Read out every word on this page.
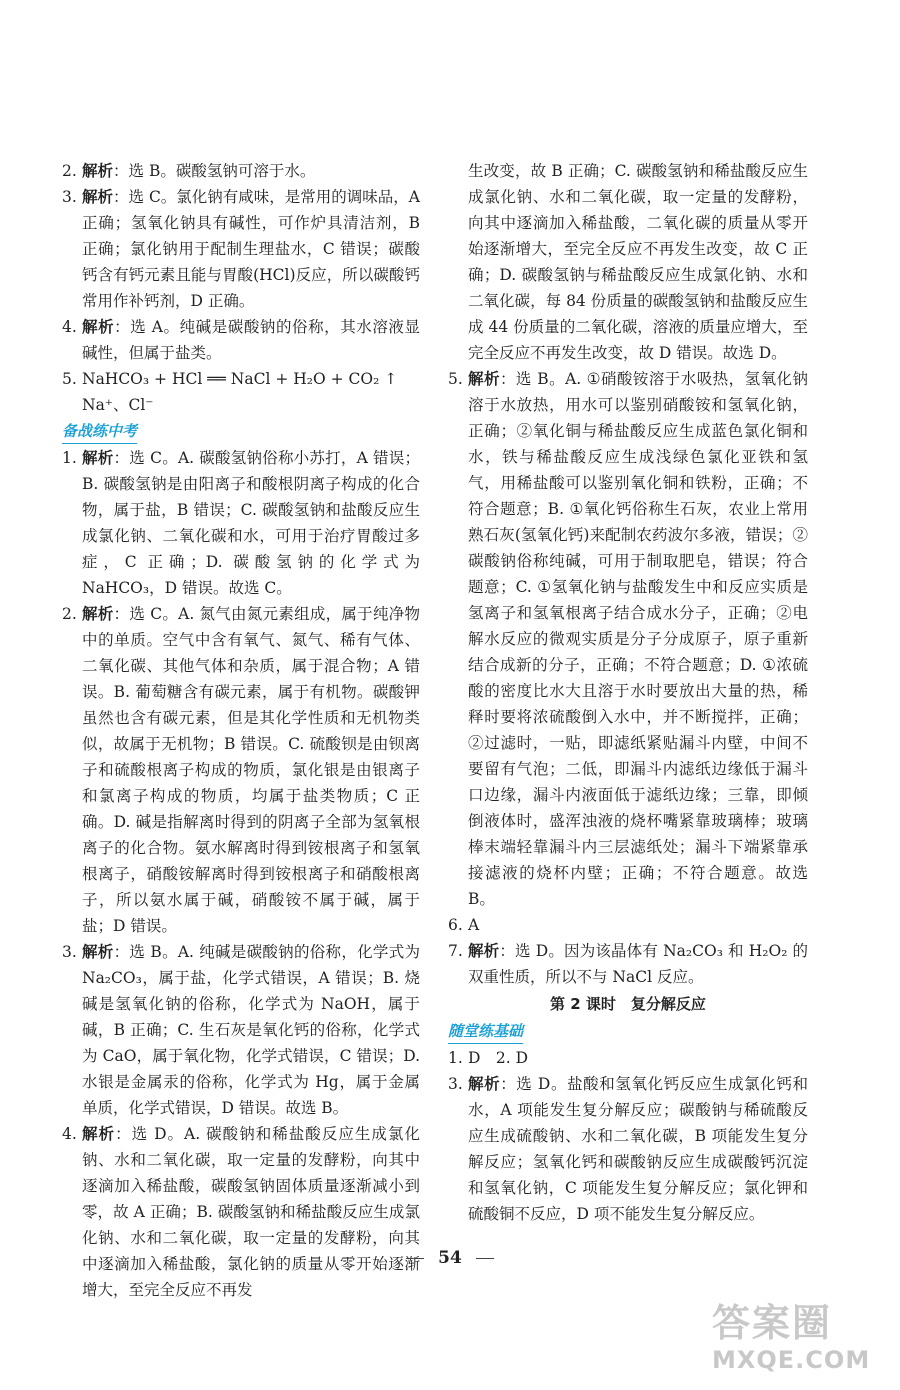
2. 解析：选 B。碳酸氢钠可溶于水。
3. 解析：选 C。氯化钠有咸味，是常用的调味品，A 正确；氢氧化钠具有碱性，可作炉具清洁剂，B 正确；氯化钠用于配制生理盐水，C 错误；碳酸钙含有钙元素且能与胃酸(HCl)反应，所以碳酸钙常用作补钙剂，D 正确。
4. 解析：选 A。纯碱是碳酸钠的俗称，其水溶液显碱性，但属于盐类。
5. NaHCO₃ + HCl ══ NaCl + H₂O + CO₂ ↑
Na⁺、Cl⁻
备战练中考
1. 解析：选 C。A. 碳酸氢钠俗称小苏打，A 错误；B. 碳酸氢钠是由阳离子和酸根阴离子构成的化合物，属于盐，B 错误；C. 碳酸氢钠和盐酸反应生成氯化钠、二氧化碳和水，可用于治疗胃酸过多症，C 正确；D. 碳酸氢钠的化学式为 NaHCO₃，D 错误。故选 C。
2. 解析：选 C。A. 氮气由氮元素组成，属于纯净物中的单质。空气中含有氧气、氮气、稀有气体、二氧化碳、其他气体和杂质，属于混合物；A 错误。B. 葡萄糖含有碳元素，属于有机物。碳酸钾虽然也含有碳元素，但是其化学性质和无机物类似，故属于无机物；B 错误。C. 硫酸钡是由钡离子和硫酸根离子构成的物质，氯化银是由银离子和氯离子构成的物质，均属于盐类物质；C 正确。D. 碱是指解离时得到的阴离子全部为氢氧根离子的化合物。氨水解离时得到铵根离子和氢氧根离子，硝酸铵解离时得到铵根离子和硝酸根离子，所以氨水属于碱，硝酸铵不属于碱，属于盐；D 错误。
3. 解析：选 B。A. 纯碱是碳酸钠的俗称，化学式为 Na₂CO₃，属于盐，化学式错误，A 错误；B. 烧碱是氢氧化钠的俗称，化学式为 NaOH，属于碱，B 正确；C. 生石灰是氧化钙的俗称，化学式为 CaO，属于氧化物，化学式错误，C 错误；D. 水银是金属汞的俗称，化学式为 Hg，属于金属单质，化学式错误，D 错误。故选 B。
4. 解析：选 D。A. 碳酸钠和稀盐酸反应生成氯化钠、水和二氧化碳，取一定量的发酵粉，向其中逐滴加入稀盐酸，碳酸氢钠固体质量逐渐减小到零，故 A 正确；B. 碳酸氢钠和稀盐酸反应生成氯化钠、水和二氧化碳，取一定量的发酵粉，向其中逐滴加入稀盐酸，氯化钠的质量从零开始逐渐增大，至完全反应不再发
生改变，故 B 正确；C. 碳酸氢钠和稀盐酸反应生成氯化钠、水和二氧化碳，取一定量的发酵粉，向其中逐滴加入稀盐酸，二氧化碳的质量从零开始逐渐增大，至完全反应不再发生改变，故 C 正确；D. 碳酸氢钠与稀盐酸反应生成氯化钠、水和二氧化碳，每 84 份质量的碳酸氢钠和盐酸反应生成 44 份质量的二氧化碳，溶液的质量应增大，至完全反应不再发生改变，故 D 错误。故选 D。
5. 解析：选 B。A. ①硝酸铵溶于水吸热，氢氧化钠溶于水放热，用水可以鉴别硝酸铵和氢氧化钠，正确；②氧化铜与稀盐酸反应生成蓝色氯化铜和水，铁与稀盐酸反应生成浅绿色氯化亚铁和氢气，用稀盐酸可以鉴别氧化铜和铁粉，正确；不符合题意；B. ①氧化钙俗称生石灰，农业上常用熟石灰(氢氧化钙)来配制农药波尔多液，错误；②碳酸钠俗称纯碱，可用于制取肥皂，错误；符合题意；C. ①氢氧化钠与盐酸发生中和反应实质是氢离子和氢氧根离子结合成水分子，正确；②电解水反应的微观实质是分子分成原子，原子重新结合成新的分子，正确；不符合题意；D. ①浓硫酸的密度比水大且溶于水时要放出大量的热，稀释时要将浓硫酸倒入水中，并不断搅拌，正确；②过滤时，一贴，即滤纸紧贴漏斗内壁，中间不要留有气泡；二低，即漏斗内滤纸边缘低于漏斗口边缘，漏斗内液面低于滤纸边缘；三靠，即倾倒液体时，盛浑浊液的烧杯嘴紧靠玻璃棒；玻璃棒末端轻靠漏斗内三层滤纸处；漏斗下端紧靠承接滤液的烧杯内壁；正确；不符合题意。故选 B。
6. A
7. 解析：选 D。因为该晶体有 Na₂CO₃ 和 H₂O₂ 的双重性质，所以不与 NaCl 反应。
第 2 课时　复分解反应
随堂练基础
1. D　2. D
3. 解析：选 D。盐酸和氢氧化钙反应生成氯化钙和水，A 项能发生复分解反应；碳酸钠与稀硫酸反应生成硫酸钠、水和二氧化碳，B 项能发生复分解反应；氢氧化钙和碳酸钠反应生成碳酸钙沉淀和氢氧化钠，C 项能发生复分解反应；氯化钾和硫酸铜不反应，D 项不能发生复分解反应。
54
答案圈
MXQE.COM
